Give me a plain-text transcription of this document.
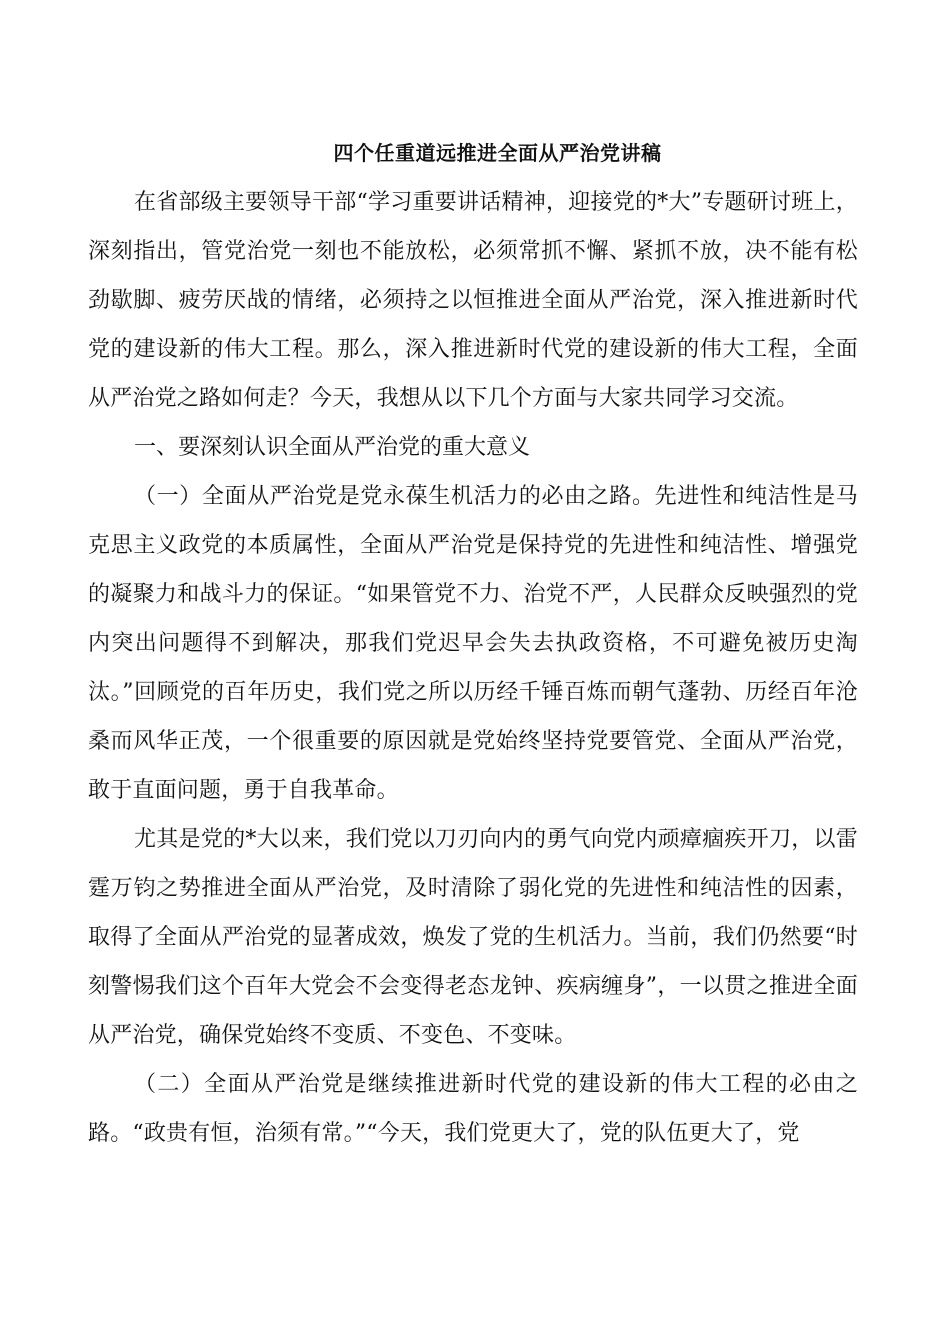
四个任重道远推进全面从严治党讲稿

在省部级主要领导干部“学习重要讲话精神，迎接党的*大”专题研讨班上，深刻指出，管党治党一刻也不能放松，必须常抓不懈、紧抓不放，决不能有松劲歇脚、疲劳厌战的情绪，必须持之以恒推进全面从严治党，深入推进新时代党的建设新的伟大工程。那么，深入推进新时代党的建设新的伟大工程，全面从严治党之路如何走？今天，我想从以下几个方面与大家共同学习交流。

一、要深刻认识全面从严治党的重大意义

（一）全面从严治党是党永葆生机活力的必由之路。先进性和纯洁性是马克思主义政党的本质属性，全面从严治党是保持党的先进性和纯洁性、增强党的凝聚力和战斗力的保证。“如果管党不力、治党不严，人民群众反映强烈的党内突出问题得不到解决，那我们党迟早会失去执政资格，不可避免被历史淘汰。”回顾党的百年历史，我们党之所以历经千锤百炼而朝气蓬勃、历经百年沧桑而风华正茂，一个很重要的原因就是党始终坚持党要管党、全面从严治党，敢于直面问题，勇于自我革命。

尤其是党的*大以来，我们党以刀刃向内的勇气向党内顽瘴痼疾开刀，以雷霆万钧之势推进全面从严治党，及时清除了弱化党的先进性和纯洁性的因素，取得了全面从严治党的显著成效，焕发了党的生机活力。当前，我们仍然要“时刻警惕我们这个百年大党会不会变得老态龙钟、疾病缠身”，一以贯之推进全面从严治党，确保党始终不变质、不变色、不变味。

（二）全面从严治党是继续推进新时代党的建设新的伟大工程的必由之路。“政贵有恒，治须有常。”“今天，我们党更大了，党的队伍更大了，党
